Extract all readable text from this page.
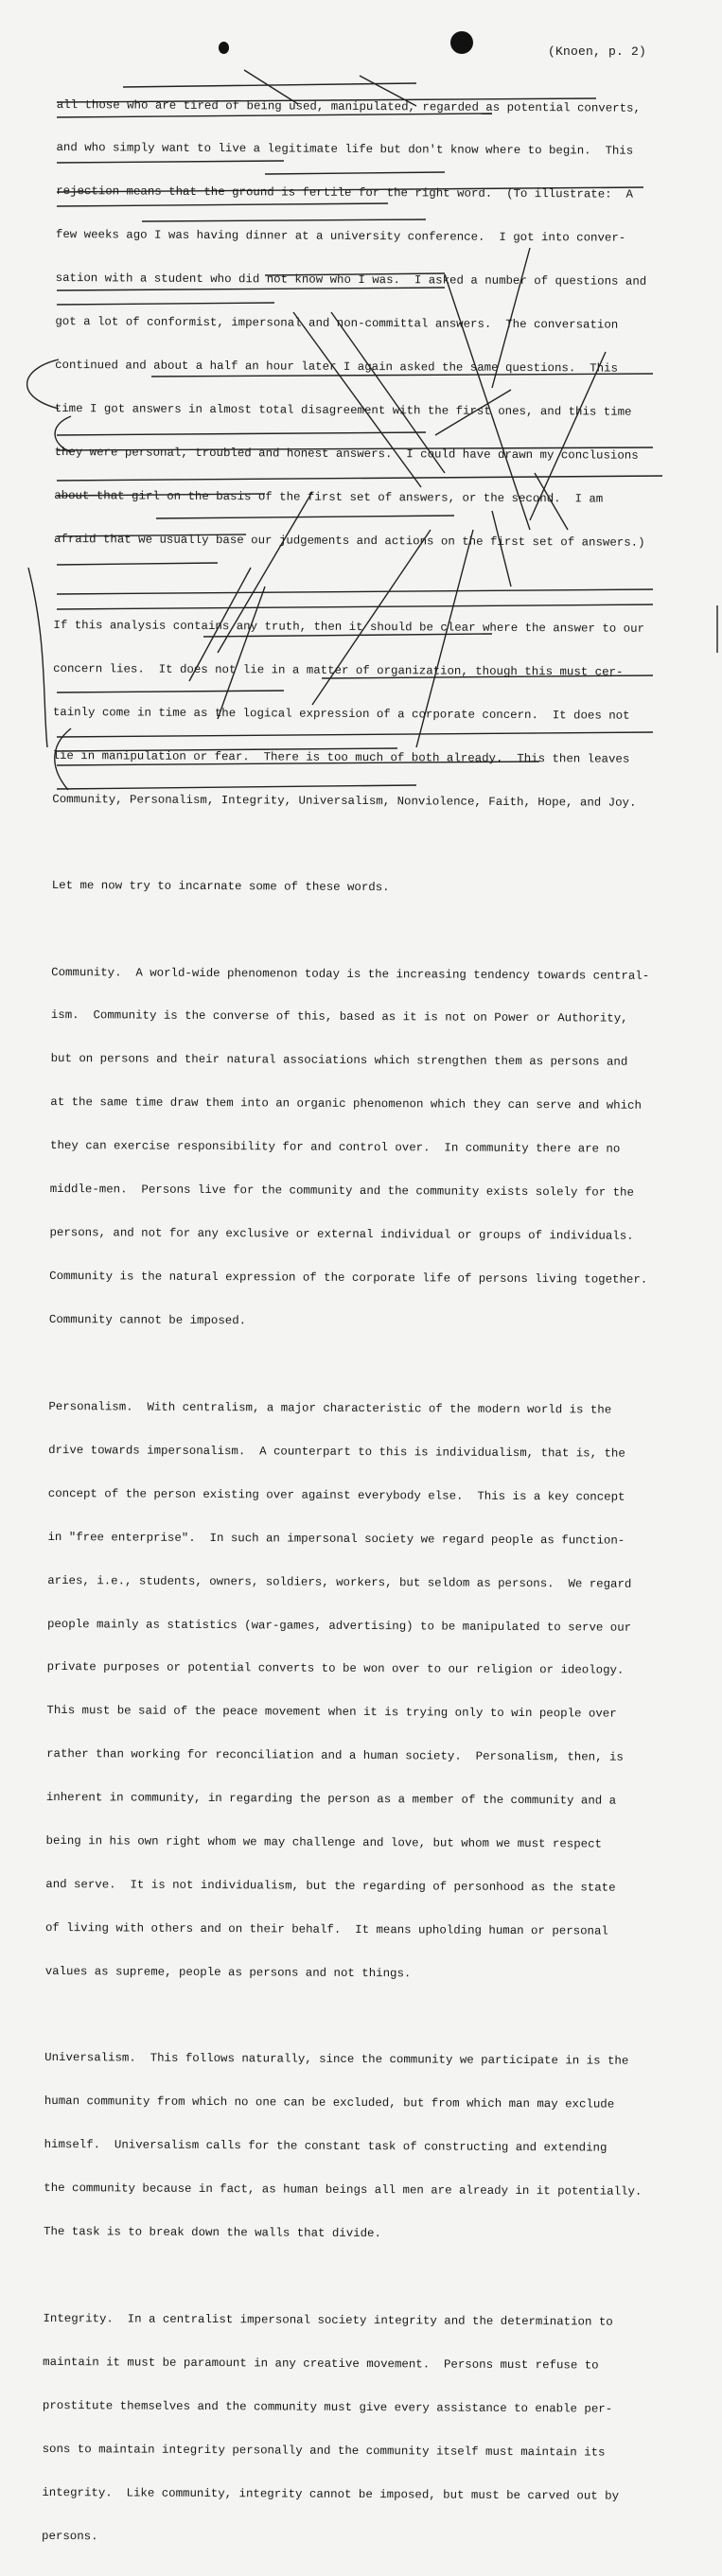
(Knoen, p. 2)

all those who are tired of being used, manipulated, regarded as potential converts,

and who simply want to live a legitimate life but don't know where to begin.  This

rejection means that the ground is fertile for the right word.  (To illustrate:  A

few weeks ago I was having dinner at a university conference.  I got into conver-

sation with a student who did not know who I was.  I asked a number of questions and

got a lot of conformist, impersonal and non-committal answers.  The conversation

continued and about a half an hour later I again asked the same questions.  This

time I got answers in almost total disagreement with the first ones, and this time

they were personal, troubled and honest answers.  I could have drawn my conclusions

about that girl on the basis of the first set of answers, or the second.  I am

afraid that we usually base our judgements and actions on the first set of answers.)

If this analysis contains any truth, then it should be clear where the answer to our

concern lies.  It does not lie in a matter of organization, though this must cer-

tainly come in time as the logical expression of a corporate concern.  It does not

lie in manipulation or fear.  There is too much of both already.  This then leaves

Community, Personalism, Integrity, Universalism, Nonviolence, Faith, Hope, and Joy.

Let me now try to incarnate some of these words.

Community.  A world-wide phenomenon today is the increasing tendency towards central-

ism.  Community is the converse of this, based as it is not on Power or Authority,

but on persons and their natural associations which strengthen them as persons and

at the same time draw them into an organic phenomenon which they can serve and which

they can exercise responsibility for and control over.  In community there are no

middle-men.  Persons live for the community and the community exists solely for the

persons, and not for any exclusive or external individual or groups of individuals.

Community is the natural expression of the corporate life of persons living together.

Community cannot be imposed.

Personalism.  With centralism, a major characteristic of the modern world is the

drive towards impersonalism.  A counterpart to this is individualism, that is, the

concept of the person existing over against everybody else.  This is a key concept

in "free enterprise".  In such an impersonal society we regard people as function-

aries, i.e., students, owners, soldiers, workers, but seldom as persons.  We regard

people mainly as statistics (war-games, advertising) to be manipulated to serve our

private purposes or potential converts to be won over to our religion or ideology.

This must be said of the peace movement when it is trying only to win people over

rather than working for reconciliation and a human society.  Personalism, then, is

inherent in community, in regarding the person as a member of the community and a

being in his own right whom we may challenge and love, but whom we must respect

and serve.  It is not individualism, but the regarding of personhood as the state

of living with others and on their behalf.  It means upholding human or personal

values as supreme, people as persons and not things.

Universalism.  This follows naturally, since the community we participate in is the

human community from which no one can be excluded, but from which man may exclude

himself.  Universalism calls for the constant task of constructing and extending

the community because in fact, as human beings all men are already in it potentially.

The task is to break down the walls that divide.

Integrity.  In a centralist impersonal society integrity and the determination to

maintain it must be paramount in any creative movement.  Persons must refuse to

prostitute themselves and the community must give every assistance to enable per-

sons to maintain integrity personally and the community itself must maintain its

integrity.  Like community, integrity cannot be imposed, but must be carved out by

persons.
